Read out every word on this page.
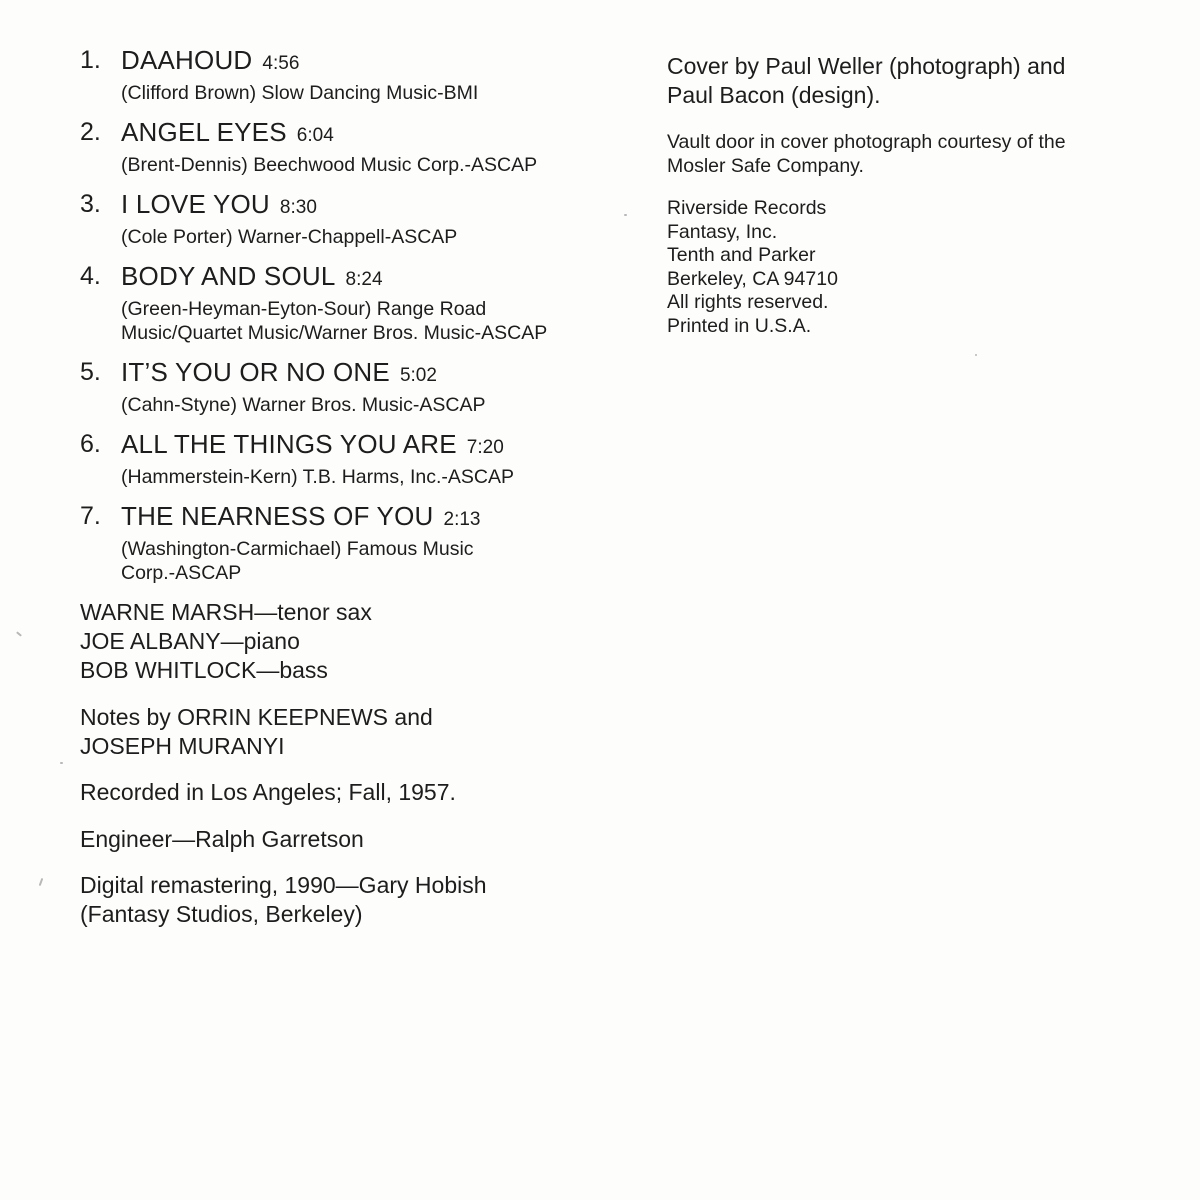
1. DAAHOUD 4:56
(Clifford Brown) Slow Dancing Music-BMI
2. ANGEL EYES 6:04
(Brent-Dennis) Beechwood Music Corp.-ASCAP
3. I LOVE YOU 8:30
(Cole Porter) Warner-Chappell-ASCAP
4. BODY AND SOUL 8:24
(Green-Heyman-Eyton-Sour) Range Road
Music/Quartet Music/Warner Bros. Music-ASCAP
5. IT’S YOU OR NO ONE 5:02
(Cahn-Styne) Warner Bros. Music-ASCAP
6. ALL THE THINGS YOU ARE 7:20
(Hammerstein-Kern) T.B. Harms, Inc.-ASCAP
7. THE NEARNESS OF YOU 2:13
(Washington-Carmichael) Famous Music
Corp.-ASCAP
WARNE MARSH—tenor sax
JOE ALBANY—piano
BOB WHITLOCK—bass
Notes by ORRIN KEEPNEWS and
JOSEPH MURANYI
Recorded in Los Angeles; Fall, 1957.
Engineer—Ralph Garretson
Digital remastering, 1990—Gary Hobish
(Fantasy Studios, Berkeley)
Cover by Paul Weller (photograph) and
Paul Bacon (design).
Vault door in cover photograph courtesy of the
Mosler Safe Company.
Riverside Records
Fantasy, Inc.
Tenth and Parker
Berkeley, CA 94710
All rights reserved.
Printed in U.S.A.
